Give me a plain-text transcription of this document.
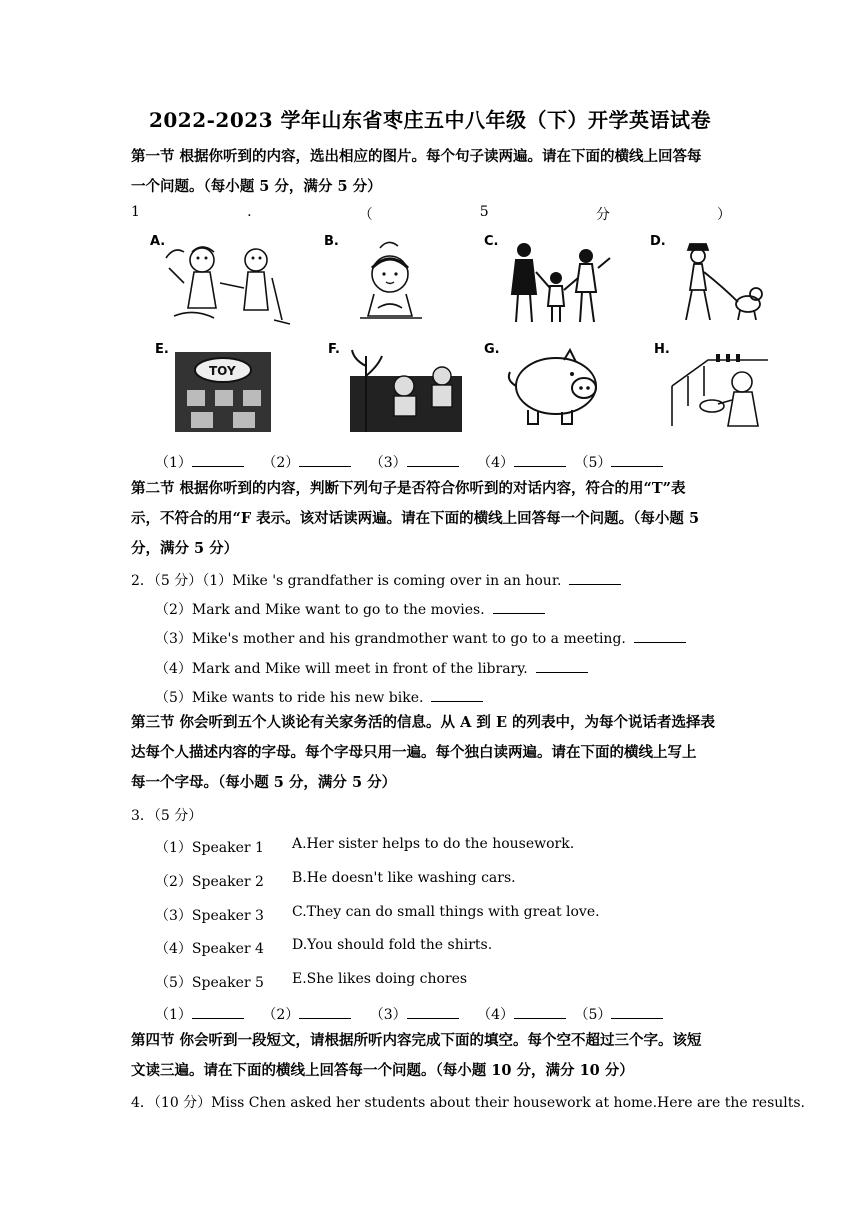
2022-2023 学年山东省枣庄五中八年级（下）开学英语试卷
第一节 根据你听到的内容，选出相应的图片。每个句子读两遍。请在下面的横线上回答每
一个问题。（每小题 5 分，满分 5 分）
1	.	（	5	分	）
A.	B.	C.	D.
E.
TOY
F.	G.	H.
（1）	（2）	（3）	（4）	（5）
第二节 根据你听到的内容，判断下列句子是否符合你听到的对话内容，符合的用“T”表
示，不符合的用“F 表示。该对话读两遍。请在下面的横线上回答每一个问题。（每小题 5
分，满分 5 分）
2．（5 分）（1）Mike 's grandfather is coming over in an hour.
（2）Mark and Mike want to go to the movies.
（3）Mike's mother and his grandmother want to go to a meeting.
（4）Mark and Mike will meet in front of the library.
（5）Mike wants to ride his new bike.
第三节 你会听到五个人谈论有关家务活的信息。从 A 到 E 的列表中，为每个说话者选择表
达每个人描述内容的字母。每个字母只用一遍。每个独白读两遍。请在下面的横线上写上
每一个字母。（每小题 5 分，满分 5 分）
3．（5 分）
（1）Speaker 1 A.Her sister helps to do the housework.
（2）Speaker 2 B.He doesn't like washing cars.
（3）Speaker 3 C.They can do small things with great love.
（4）Speaker 4 D.You should fold the shirts.
（5）Speaker 5 E.She likes doing chores
（1）	（2）	（3）	（4）	（5）
第四节 你会听到一段短文，请根据所听内容完成下面的填空。每个空不超过三个字。该短
文读三遍。请在下面的横线上回答每一个问题。（每小题 10 分，满分 10 分）
4．（10 分）Miss Chen asked her students about their housework at home.Here are the results.
